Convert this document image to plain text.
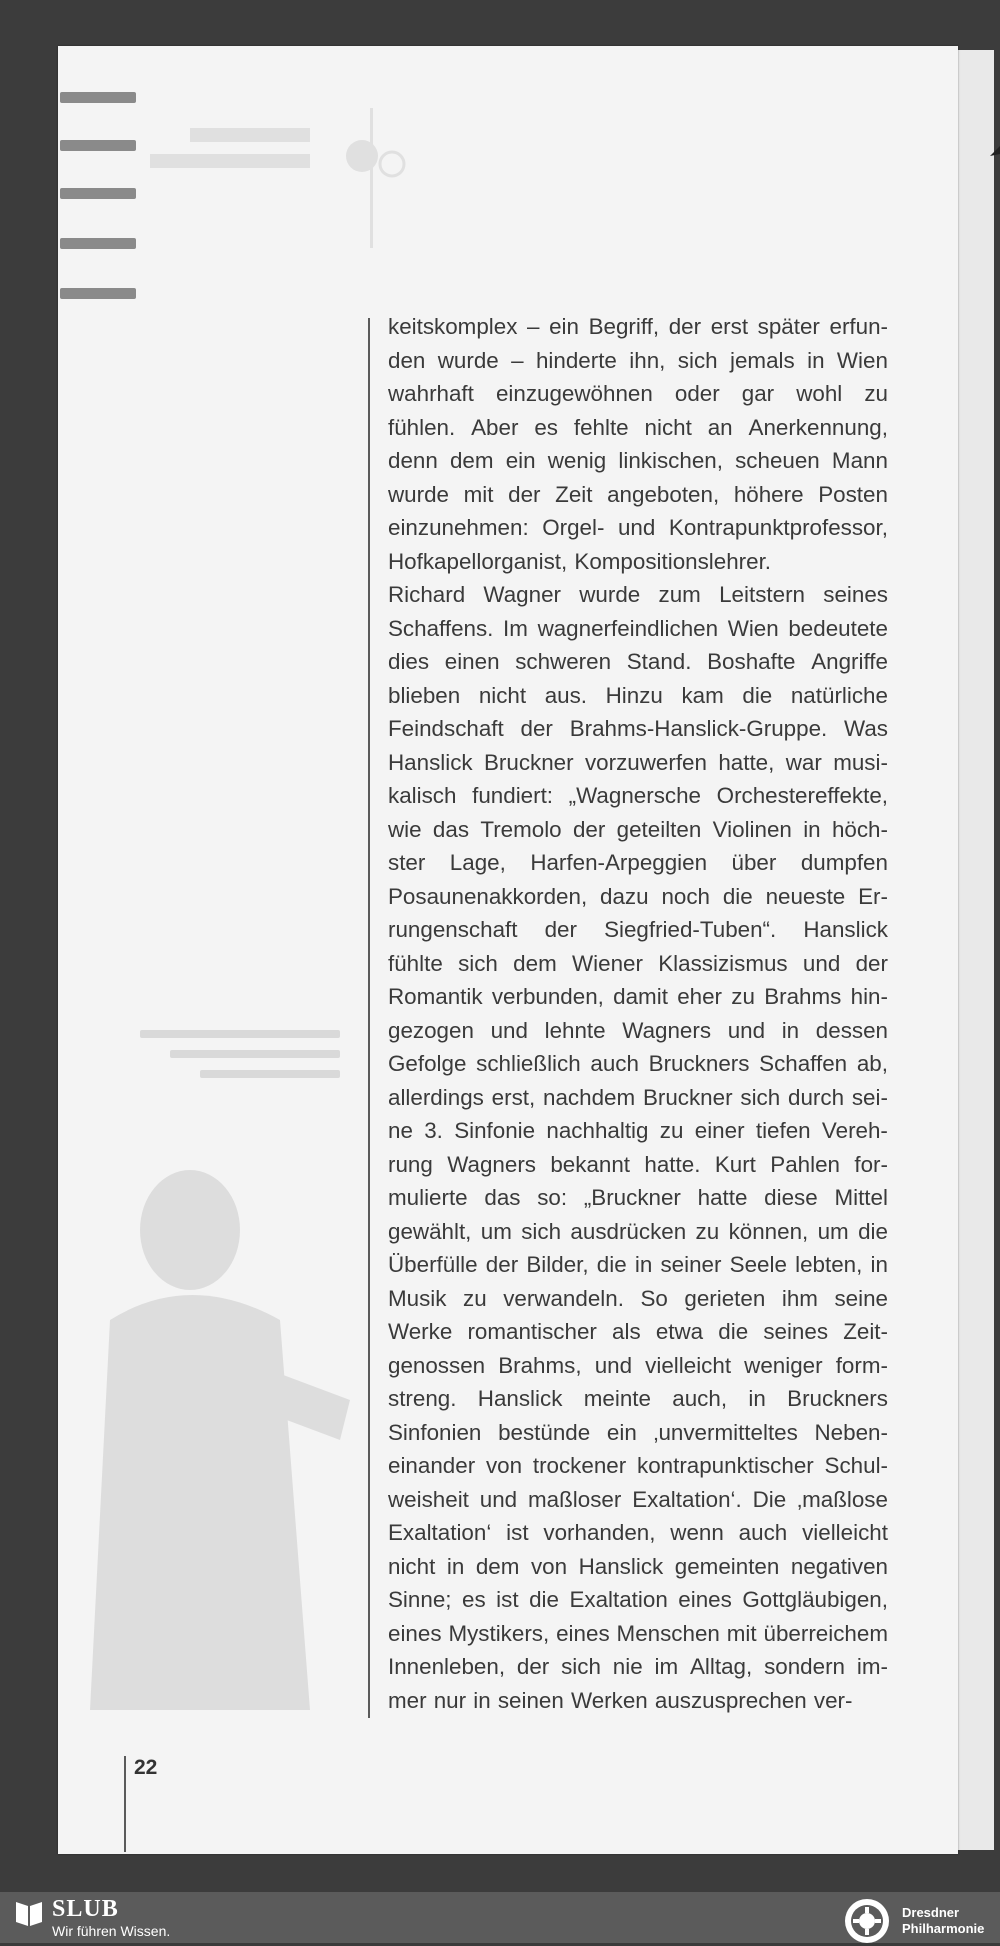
keitskomplex – ein Begriff, der erst später erfun-
den wurde – hinderte ihn, sich jemals in Wien
wahrhaft einzugewöhnen oder gar wohl zu
fühlen. Aber es fehlte nicht an Anerkennung,
denn dem ein wenig linkischen, scheuen Mann
wurde mit der Zeit angeboten, höhere Posten
einzunehmen: Orgel- und Kontrapunktprofessor,
Hofkapellorganist, Kompositionslehrer.
Richard Wagner wurde zum Leitstern seines
Schaffens. Im wagnerfeindlichen Wien bedeutete
dies einen schweren Stand. Boshafte Angriffe
blieben nicht aus. Hinzu kam die natürliche
Feindschaft der Brahms-Hanslick-Gruppe. Was
Hanslick Bruckner vorzuwerfen hatte, war musi-
kalisch fundiert: „Wagnersche Orchestereffekte,
wie das Tremolo der geteilten Violinen in höch-
ster Lage, Harfen-Arpeggien über dumpfen
Posaunenakkorden, dazu noch die neueste Er-
rungenschaft der Siegfried-Tuben“. Hanslick
fühlte sich dem Wiener Klassizismus und der
Romantik verbunden, damit eher zu Brahms hin-
gezogen und lehnte Wagners und in dessen
Gefolge schließlich auch Bruckners Schaffen ab,
allerdings erst, nachdem Bruckner sich durch sei-
ne 3. Sinfonie nachhaltig zu einer tiefen Vereh-
rung Wagners bekannt hatte. Kurt Pahlen for-
mulierte das so: „Bruckner hatte diese Mittel
gewählt, um sich ausdrücken zu können, um die
Überfülle der Bilder, die in seiner Seele lebten, in
Musik zu verwandeln. So gerieten ihm seine
Werke romantischer als etwa die seines Zeit-
genossen Brahms, und vielleicht weniger form-
streng. Hanslick meinte auch, in Bruckners
Sinfonien bestünde ein ‚unvermitteltes Neben-
einander von trockener kontrapunktischer Schul-
weisheit und maßloser Exaltation‘. Die ‚maßlose
Exaltation‘ ist vorhanden, wenn auch vielleicht
nicht in dem von Hanslick gemeinten negativen
Sinne; es ist die Exaltation eines Gottgläubigen,
eines Mystikers, eines Menschen mit überreichem
Innenleben, der sich nie im Alltag, sondern im-
mer nur in seinen Werken auszusprechen ver-
22
SLUB
Wir führen Wissen.
Dresdner
Philharmonie
